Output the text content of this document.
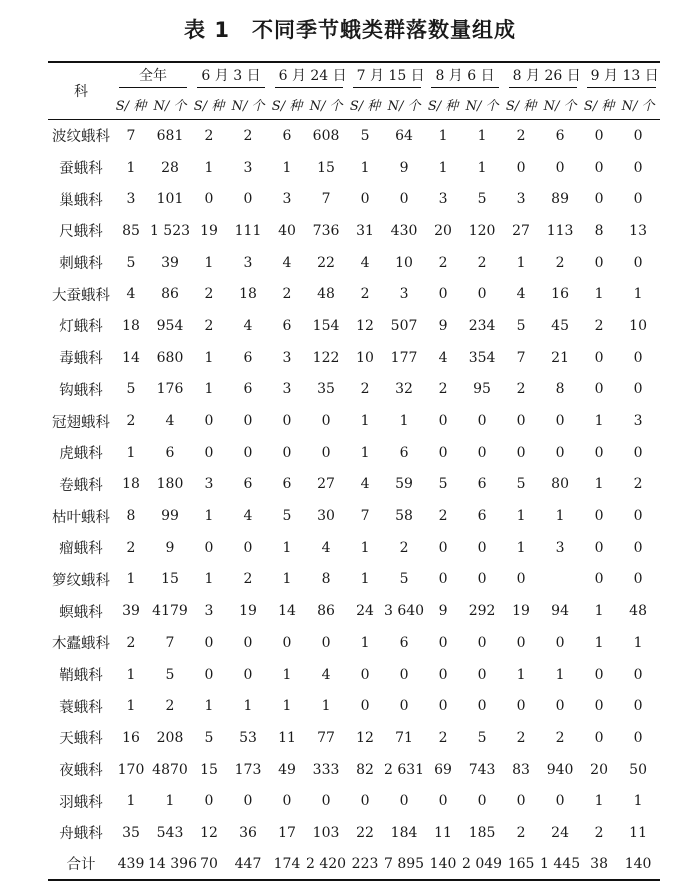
表 1 不同季节蛾类群落数量组成
科	全年		6 月 3 日		6 月 24 日		7 月 15 日		8 月 6 日		8 月 26 日		9 月 13 日	
	S/ 种	N/ 个	S/ 种	N/ 个	S/ 种	N/ 个	S/ 种	N/ 个	S/ 种	N/ 个	S/ 种	N/ 个	S/ 种	N/ 个
波纹蛾科	7	681	2	2	6	608	5	64	1	1	2	6	0	0
蚕蛾科	1	28	1	3	1	15	1	9	1	1	0	0	0	0
巢蛾科	3	101	0	0	3	7	0	0	3	5	3	89	0	0
尺蛾科	85	1 523	19	111	40	736	31	430	20	120	27	113	8	13
刺蛾科	5	39	1	3	4	22	4	10	2	2	1	2	0	0
大蚕蛾科	4	86	2	18	2	48	2	3	0	0	4	16	1	1
灯蛾科	18	954	2	4	6	154	12	507	9	234	5	45	2	10
毒蛾科	14	680	1	6	3	122	10	177	4	354	7	21	0	0
钩蛾科	5	176	1	6	3	35	2	32	2	95	2	8	0	0
冠翅蛾科	2	4	0	0	0	0	1	1	0	0	0	0	1	3
虎蛾科	1	6	0	0	0	0	1	6	0	0	0	0	0	0
卷蛾科	18	180	3	6	6	27	4	59	5	6	5	80	1	2
枯叶蛾科	8	99	1	4	5	30	7	58	2	6	1	1	0	0
瘤蛾科	2	9	0	0	1	4	1	2	0	0	1	3	0	0
箩纹蛾科	1	15	1	2	1	8	1	5	0	0	0		0	0
螟蛾科	39	4179	3	19	14	86	24	3 640	9	292	19	94	1	48
木蠹蛾科	2	7	0	0	0	0	1	6	0	0	0	0	1	1
鞘蛾科	1	5	0	0	1	4	0	0	0	0	1	1	0	0
蓑蛾科	1	2	1	1	1	1	0	0	0	0	0	0	0	0
天蛾科	16	208	5	53	11	77	12	71	2	5	2	2	0	0
夜蛾科	170	4870	15	173	49	333	82	2 631	69	743	83	940	20	50
羽蛾科	1	1	0	0	0	0	0	0	0	0	0	0	1	1
舟蛾科	35	543	12	36	17	103	22	184	11	185	2	24	2	11
合计	439	14 396	70	447	174	2 420	223	7 895	140	2 049	165	1 445	38	140
